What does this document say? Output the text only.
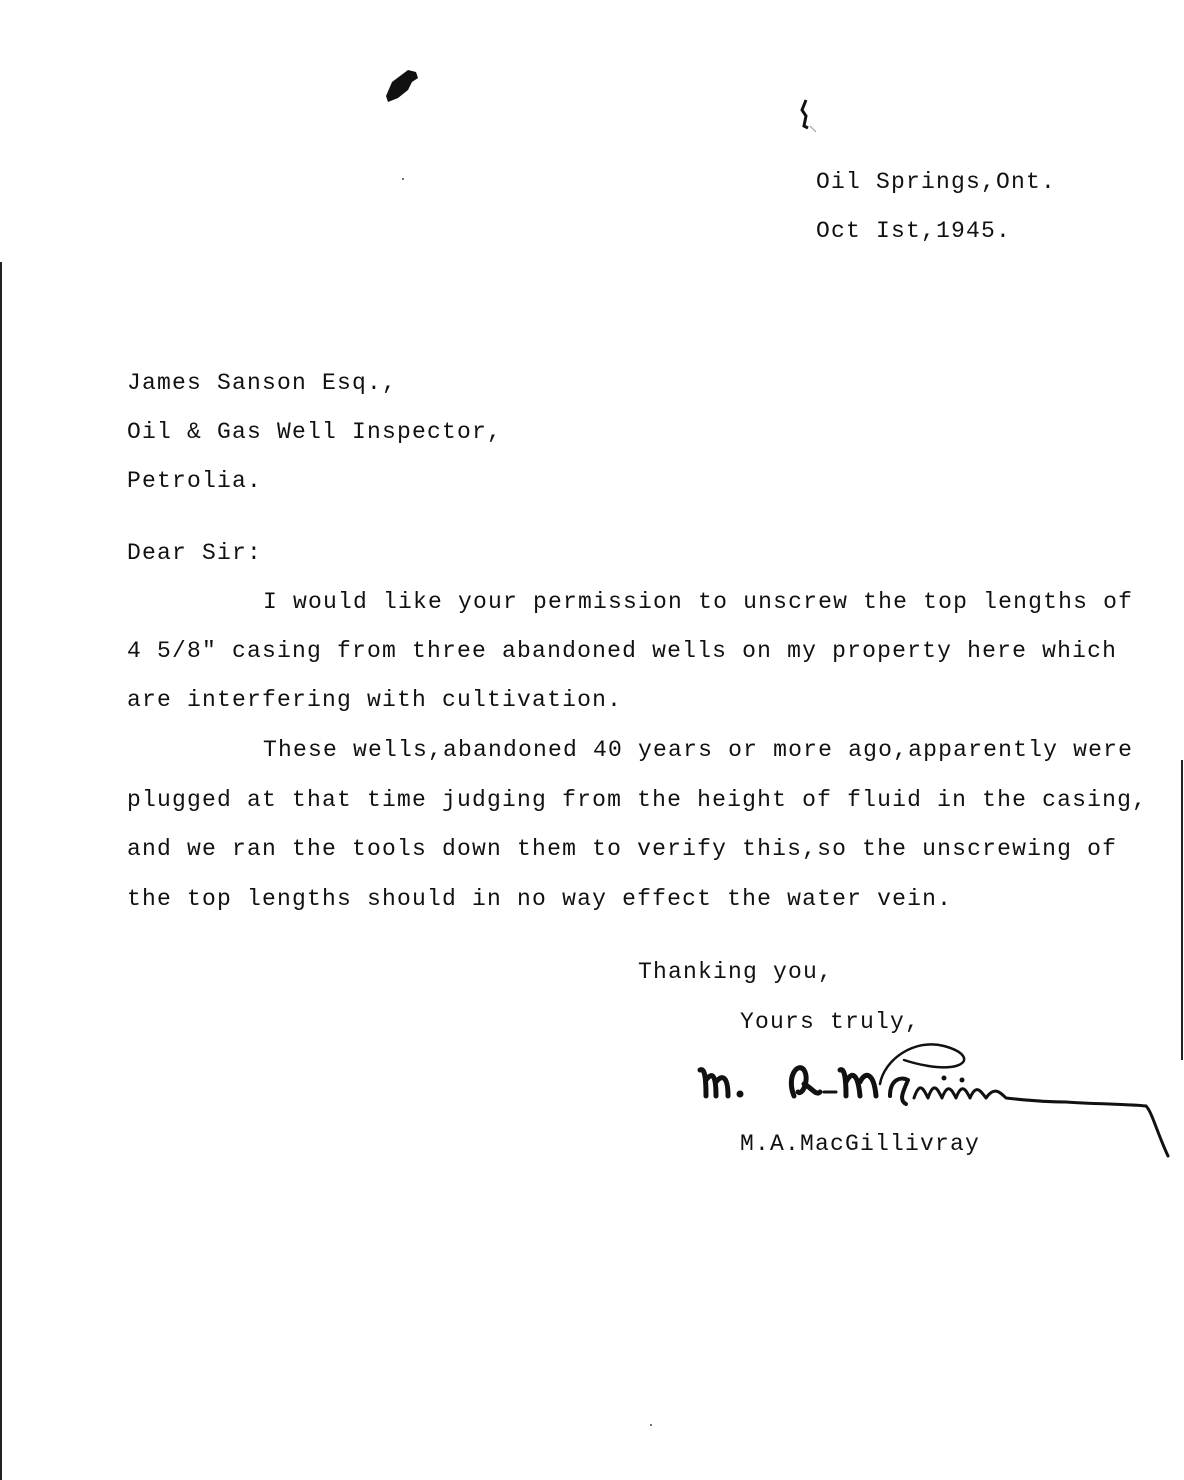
Oil Springs,Ont.
Oct Ist,1945.
James Sanson Esq.,
Oil & Gas Well Inspector,
Petrolia.
Dear Sir:
I would like your permission to unscrew the top lengths of
4 5/8" casing from three abandoned wells on my property here which
are interfering with cultivation.
These wells,abandoned 40 years or more ago,apparently were
plugged at that time judging from the height of fluid in the casing,
and we ran the tools down them to verify this,so the unscrewing of
the top lengths should in no way effect the water vein.
Thanking you,
Yours truly,
M.A.MacGillivray
